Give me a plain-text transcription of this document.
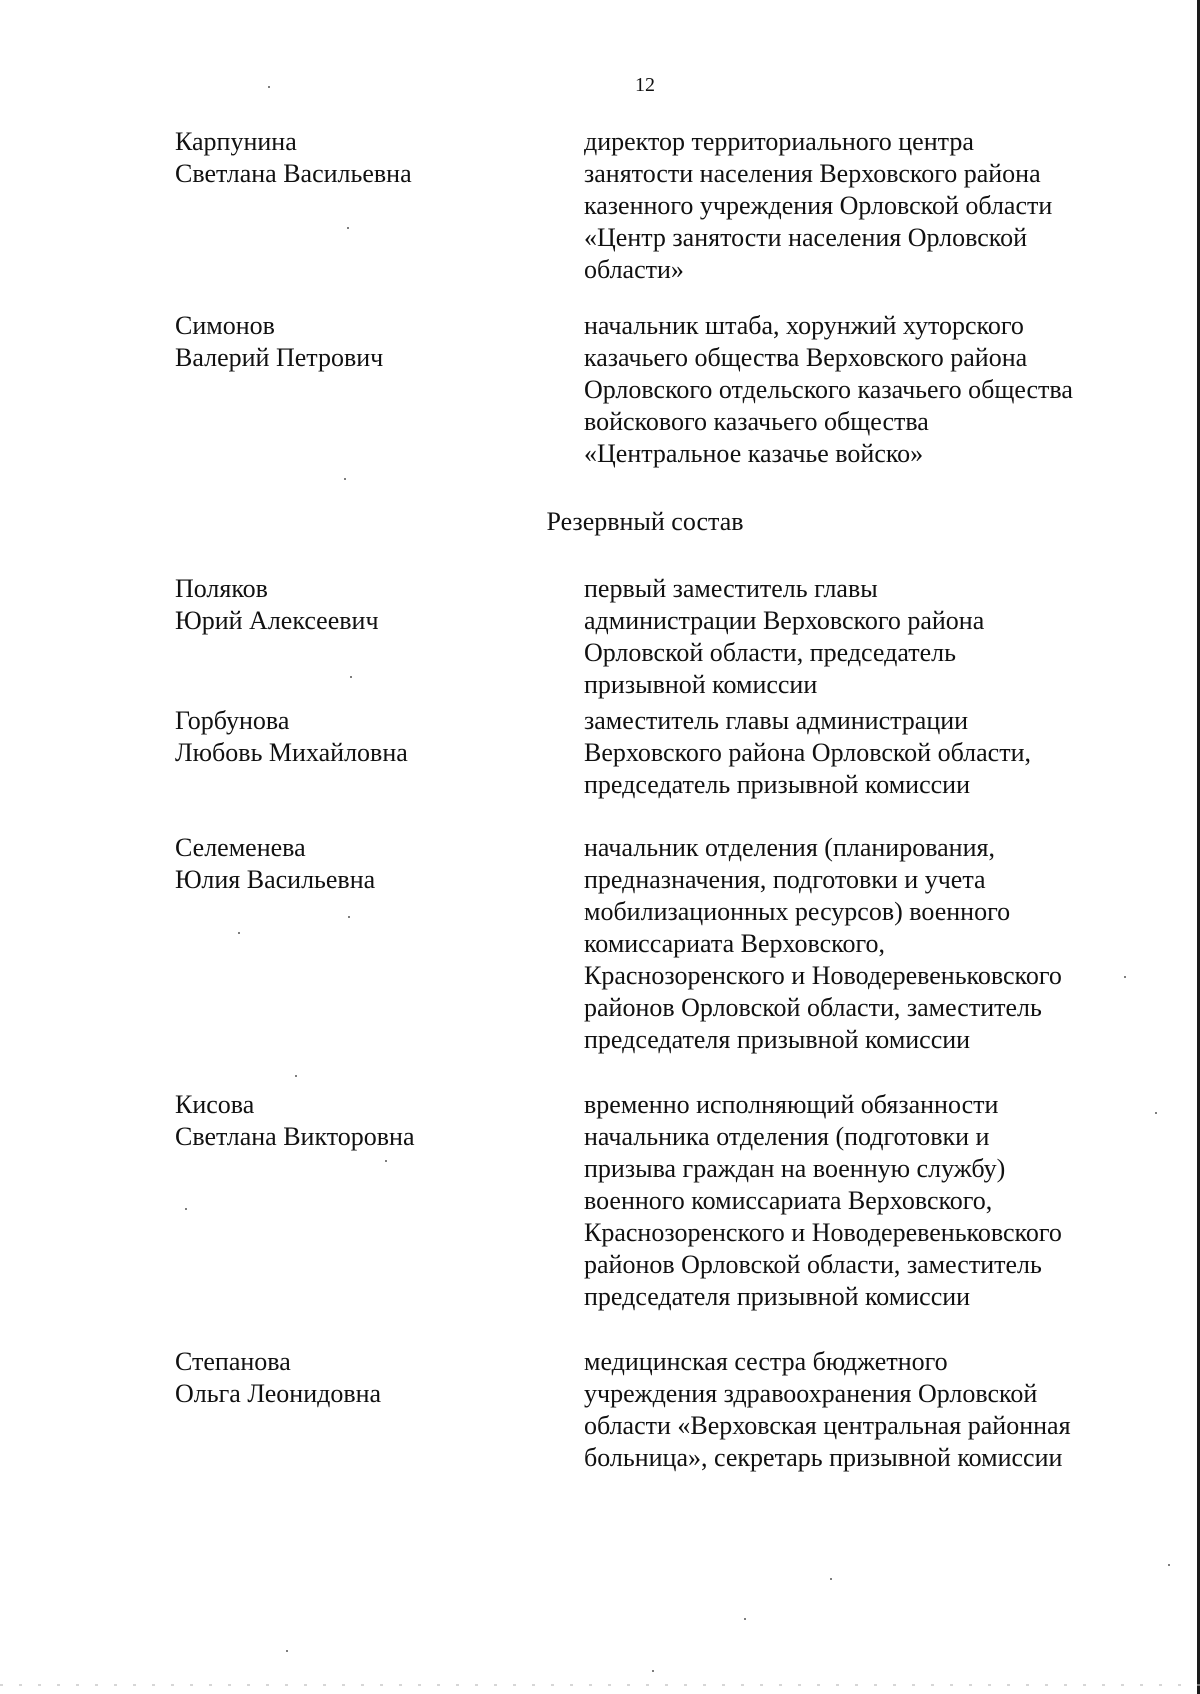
12
Карпунина
Светлана Васильевна
директор территориального центра
занятости населения Верховского района
казенного учреждения Орловской области
«Центр занятости населения Орловской
области»
Симонов
Валерий Петрович
начальник штаба, хорунжий хуторского
казачьего общества Верховского района
Орловского отдельского казачьего общества
войскового казачьего общества
«Центральное казачье войско»
Резервный состав
Поляков
Юрий Алексеевич
первый заместитель главы
администрации Верховского района
Орловской области, председатель
призывной комиссии
Горбунова
Любовь Михайловна
заместитель главы администрации
Верховского района Орловской области,
председатель призывной комиссии
Селеменева
Юлия Васильевна
начальник отделения (планирования,
предназначения, подготовки и учета
мобилизационных ресурсов) военного
комиссариата Верховского,
Краснозоренского и Новодеревеньковского
районов Орловской области, заместитель
председателя призывной комиссии
Кисова
Светлана Викторовна
временно исполняющий обязанности
начальника отделения (подготовки и
призыва граждан на военную службу)
военного комиссариата Верховского,
Краснозоренского и Новодеревеньковского
районов Орловской области, заместитель
председателя призывной комиссии
Степанова
Ольга Леонидовна
медицинская сестра бюджетного
учреждения здравоохранения Орловской
области «Верховская центральная районная
больница», секретарь призывной комиссии
